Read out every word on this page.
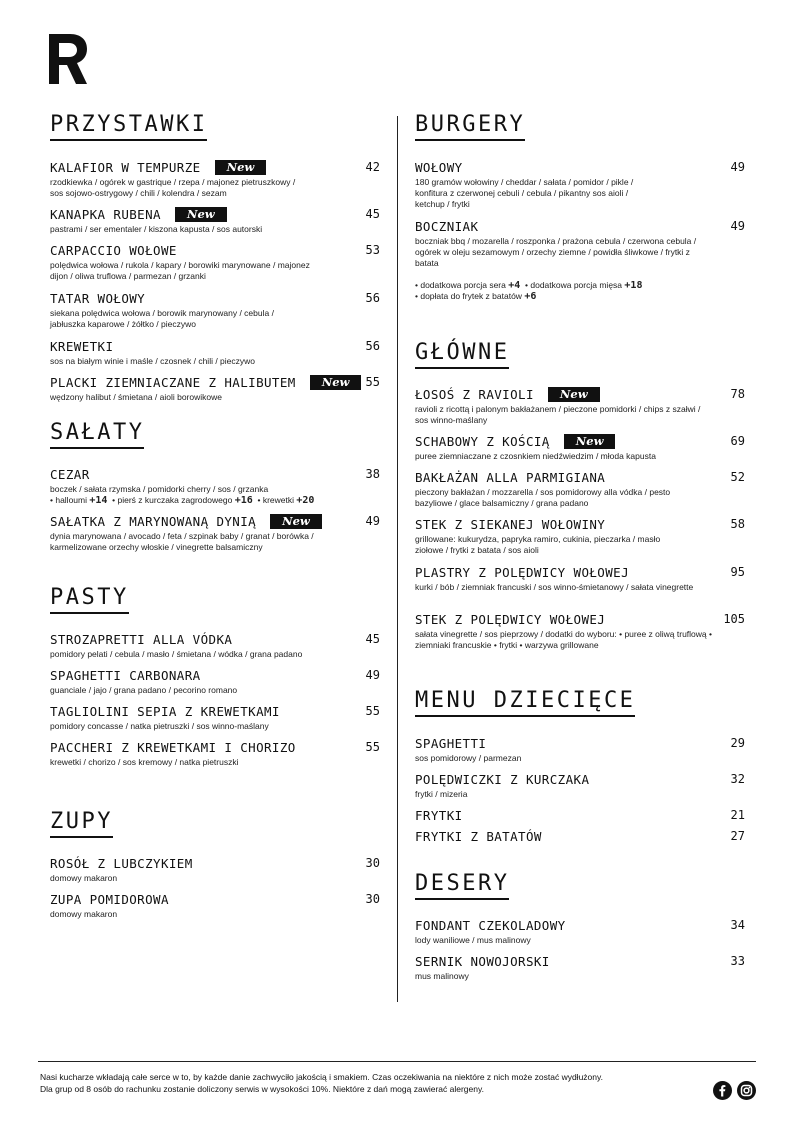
PRZYSTAWKI
KALAFIOR W TEMPURZE New	42
rzodkiewka / ogórek w gastrique / rzepa / majonez pietruszkowy / sos sojowo-ostrygowy / chili / kolendra / sezam
KANAPKA RUBENA New	45
pastrami / ser ementaler / kiszona kapusta / sos autorski
CARPACCIO WOŁOWE	53
polędwica wołowa / rukola / kapary / borowiki marynowane / majonez dijon / oliwa truflowa / parmezan / grzanki
TATAR WOŁOWY	56
siekana polędwica wołowa / borowik marynowany / cebula / jabłuszka kaparowe / żółtko / pieczywo
KREWETKI	56
sos na białym winie i maśle / czosnek / chili / pieczywo
PLACKI ZIEMNIACZANE Z HALIBUTEM New 55
wędzony halibut / śmietana / aioli borowikowe
SAŁATY
CEZAR	38
boczek / sałata rzymska / pomidorki cherry / sos / grzanka
• halloumi +14  • pierś z kurczaka zagrodowego +16  • krewetki +20
SAŁATKA Z MARYNOWANĄ DYNIĄ New	49
dynia marynowana / avocado / feta / szpinak baby / granat / borówka / karmelizowane orzechy włoskie / vinegrette balsamiczny
PASTY
STROZAPRETTI ALLA VÓDKA	45
pomidory pelati / cebula / masło / śmietana / wódka / grana padano
SPAGHETTI CARBONARA	49
guanciale / jajo / grana padano / pecorino romano
TAGLIOLINI SEPIA Z KREWETKAMI	55
pomidory concasse / natka pietruszki / sos winno-maślany
PACCHERI Z KREWETKAMI I CHORIZO	55
krewetki / chorizo / sos kremowy / natka pietruszki
ZUPY
ROSÓŁ Z LUBCZYKIEM	30
domowy makaron
ZUPA POMIDOROWA	30
domowy makaron
BURGERY
WOŁOWY	49
180 gramów wołowiny / cheddar / sałata / pomidor / pikle / konfitura z czerwonej cebuli / cebula / pikantny sos aioli / ketchup / frytki
BOCZNIAK	49
boczniak bbq / mozarella / roszponka / prażona cebula / czerwona cebula / ogórek w oleju sezamowym / orzechy ziemne / powidła śliwkowe / frytki z batata
• dodatkowa porcja sera +4  • dodatkowa porcja mięsa +18
• dopłata do frytek z batatów +6
GŁÓWNE
ŁOSOŚ Z RAVIOLI New	78
ravioli z ricottą i palonym bakłażanem / pieczone pomidorki / chips z szałwi / sos winno-maślany
SCHABOWY Z KOŚCIĄ New	69
puree ziemniaczane z czosnkiem niedźwiedzim / młoda kapusta
BAKŁAŻAN ALLA PARMIGIANA	52
pieczony bakłażan / mozzarella / sos pomidorowy alla vódka / pesto bazyliowe / glace balsamiczny / grana padano
STEK Z SIEKANEJ WOŁOWINY	58
grillowane: kukurydza, papryka ramiro, cukinia, pieczarka / masło ziołowe / frytki z batata / sos aioli
PLASTRY Z POLĘDWICY WOŁOWEJ	95
kurki / bób / ziemniak francuski / sos winno-śmietanowy / sałata vinegrette
STEK Z POLĘDWICY WOŁOWEJ	105
sałata vinegrette / sos pieprzowy / dodatki do wyboru: • puree z oliwą truflową • ziemniaki francuskie • frytki • warzywa grillowane
MENU DZIECIĘCE
SPAGHETTI	29
sos pomidorowy / parmezan
POLĘDWICZKI Z KURCZAKA	32
frytki / mizeria
FRYTKI	21
FRYTKI Z BATATÓW	27
DESERY
FONDANT CZEKOLADOWY	34
lody waniliowe / mus malinowy
SERNIK NOWOJORSKI	33
mus malinowy
Nasi kucharze wkładają całe serce w to, by każde danie zachwyciło jakością i smakiem. Czas oczekiwania na niektóre z nich może zostać wydłużony.
Dla grup od 8 osób do rachunku zostanie doliczony serwis w wysokości 10%. Niektóre z dań mogą zawierać alergeny.
